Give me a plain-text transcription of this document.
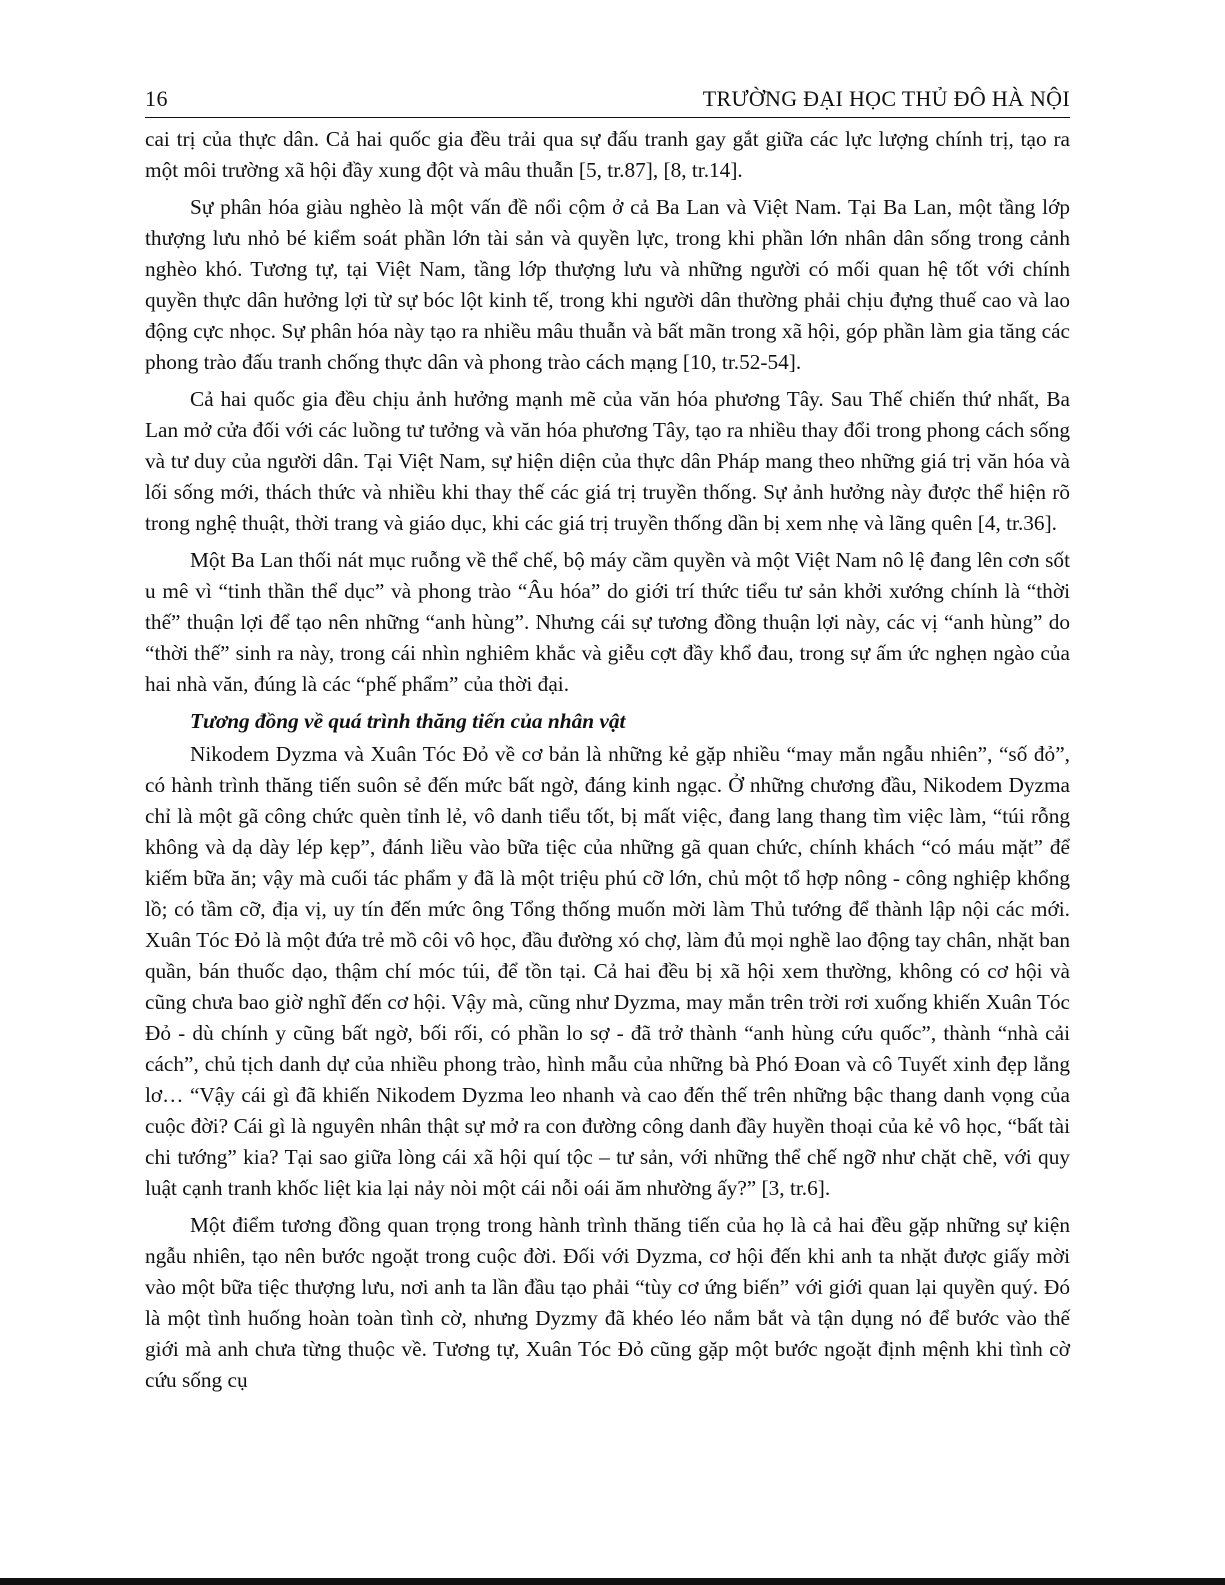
16	TRƯỜNG ĐẠI HỌC THỦ ĐÔ HÀ NỘI

cai trị của thực dân. Cả hai quốc gia đều trải qua sự đấu tranh gay gắt giữa các lực lượng chính trị, tạo ra một môi trường xã hội đầy xung đột và mâu thuẫn [5, tr.87], [8, tr.14].

Sự phân hóa giàu nghèo là một vấn đề nổi cộm ở cả Ba Lan và Việt Nam. Tại Ba Lan, một tầng lớp thượng lưu nhỏ bé kiểm soát phần lớn tài sản và quyền lực, trong khi phần lớn nhân dân sống trong cảnh nghèo khó. Tương tự, tại Việt Nam, tầng lớp thượng lưu và những người có mối quan hệ tốt với chính quyền thực dân hưởng lợi từ sự bóc lột kinh tế, trong khi người dân thường phải chịu đựng thuế cao và lao động cực nhọc. Sự phân hóa này tạo ra nhiều mâu thuẫn và bất mãn trong xã hội, góp phần làm gia tăng các phong trào đấu tranh chống thực dân và phong trào cách mạng [10, tr.52-54].

Cả hai quốc gia đều chịu ảnh hưởng mạnh mẽ của văn hóa phương Tây. Sau Thế chiến thứ nhất, Ba Lan mở cửa đối với các luồng tư tưởng và văn hóa phương Tây, tạo ra nhiều thay đổi trong phong cách sống và tư duy của người dân. Tại Việt Nam, sự hiện diện của thực dân Pháp mang theo những giá trị văn hóa và lối sống mới, thách thức và nhiều khi thay thế các giá trị truyền thống. Sự ảnh hưởng này được thể hiện rõ trong nghệ thuật, thời trang và giáo dục, khi các giá trị truyền thống dần bị xem nhẹ và lãng quên [4, tr.36].

Một Ba Lan thối nát mục ruỗng về thể chế, bộ máy cầm quyền và một Việt Nam nô lệ đang lên cơn sốt u mê vì “tinh thần thể dục” và phong trào “Âu hóa” do giới trí thức tiểu tư sản khởi xướng chính là “thời thế” thuận lợi để tạo nên những “anh hùng”. Nhưng cái sự tương đồng thuận lợi này, các vị “anh hùng” do “thời thế” sinh ra này, trong cái nhìn nghiêm khắc và giễu cợt đầy khổ đau, trong sự ấm ức nghẹn ngào của hai nhà văn, đúng là các “phế phẩm” của thời đại.

Tương đồng về quá trình thăng tiến của nhân vật

Nikodem Dyzma và Xuân Tóc Đỏ về cơ bản là những kẻ gặp nhiều “may mắn ngẫu nhiên”, “số đỏ”, có hành trình thăng tiến suôn sẻ đến mức bất ngờ, đáng kinh ngạc. Ở những chương đầu, Nikodem Dyzma chỉ là một gã công chức quèn tỉnh lẻ, vô danh tiểu tốt, bị mất việc, đang lang thang tìm việc làm, “túi rỗng không và dạ dày lép kẹp”, đánh liều vào bữa tiệc của những gã quan chức, chính khách “có máu mặt” để kiếm bữa ăn; vậy mà cuối tác phẩm y đã là một triệu phú cỡ lớn, chủ một tổ hợp nông - công nghiệp khổng lồ; có tầm cỡ, địa vị, uy tín đến mức ông Tổng thống muốn mời làm Thủ tướng để thành lập nội các mới. Xuân Tóc Đỏ là một đứa trẻ mồ côi vô học, đầu đường xó chợ, làm đủ mọi nghề lao động tay chân, nhặt ban quần, bán thuốc dạo, thậm chí móc túi, để tồn tại. Cả hai đều bị xã hội xem thường, không có cơ hội và cũng chưa bao giờ nghĩ đến cơ hội. Vậy mà, cũng như Dyzma, may mắn trên trời rơi xuống khiến Xuân Tóc Đỏ - dù chính y cũng bất ngờ, bối rối, có phần lo sợ - đã trở thành “anh hùng cứu quốc”, thành “nhà cải cách”, chủ tịch danh dự của nhiều phong trào, hình mẫu của những bà Phó Đoan và cô Tuyết xinh đẹp lẳng lơ… “Vậy cái gì đã khiến Nikodem Dyzma leo nhanh và cao đến thế trên những bậc thang danh vọng của cuộc đời? Cái gì là nguyên nhân thật sự mở ra con đường công danh đầy huyền thoại của kẻ vô học, “bất tài chi tướng” kia? Tại sao giữa lòng cái xã hội quí tộc – tư sản, với những thể chế ngỡ như chặt chẽ, với quy luật cạnh tranh khốc liệt kia lại nảy nòi một cái nỗi oái ăm nhường ấy?” [3, tr.6].

Một điểm tương đồng quan trọng trong hành trình thăng tiến của họ là cả hai đều gặp những sự kiện ngẫu nhiên, tạo nên bước ngoặt trong cuộc đời. Đối với Dyzma, cơ hội đến khi anh ta nhặt được giấy mời vào một bữa tiệc thượng lưu, nơi anh ta lần đầu tạo phải “tùy cơ ứng biến” với giới quan lại quyền quý. Đó là một tình huống hoàn toàn tình cờ, nhưng Dyzmy đã khéo léo nắm bắt và tận dụng nó để bước vào thế giới mà anh chưa từng thuộc về. Tương tự, Xuân Tóc Đỏ cũng gặp một bước ngoặt định mệnh khi tình cờ cứu sống cụ
